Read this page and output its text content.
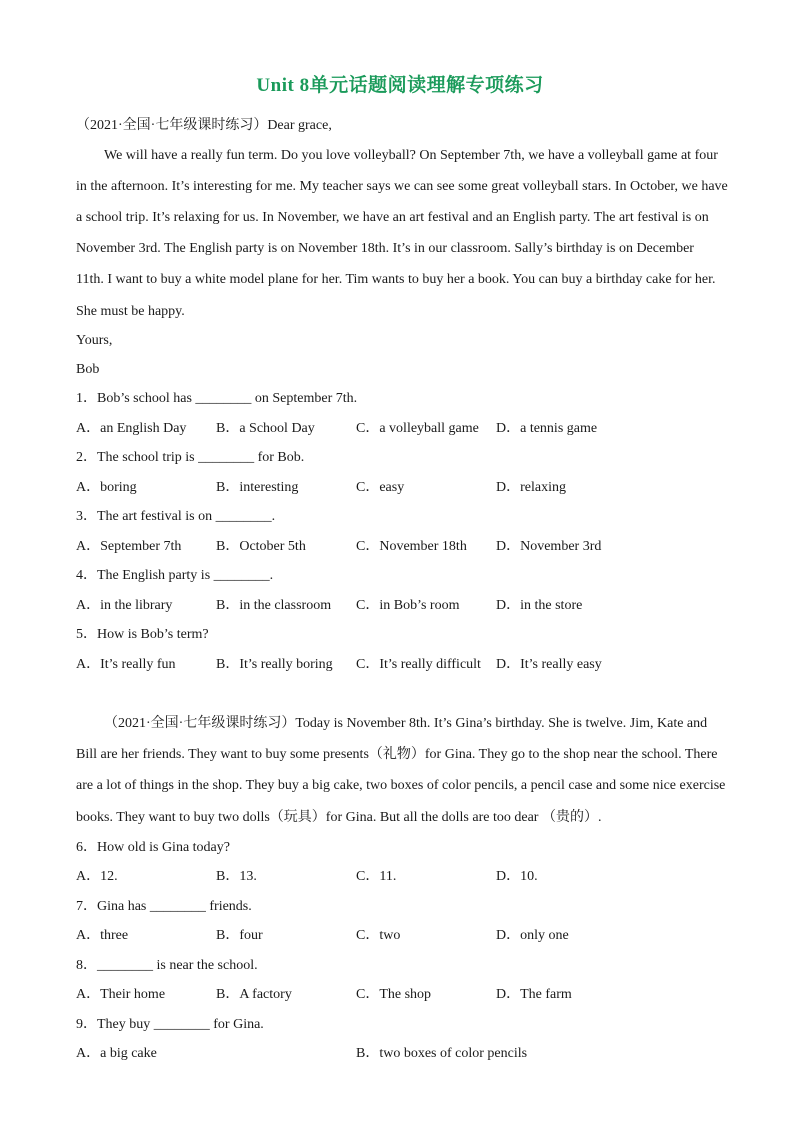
Unit 8单元话题阅读理解专项练习
（2021·全国·七年级课时练习）Dear grace,
We will have a really fun term. Do you love volleyball? On September 7th, we have a volleyball game at four
in the afternoon. It’s interesting for me. My teacher says we can see some great volleyball stars. In October, we have
a school trip. It’s relaxing for us. In November, we have an art festival and an English party. The art festival is on
November 3rd. The English party is on November 18th. It’s in our classroom. Sally’s birthday is on December
11th. I want to buy a white model plane for her. Tim wants to buy her a book. You can buy a birthday cake for her.
She must be happy.
Yours,
Bob
1．Bob’s school has ________ on September 7th.
A．an English Day B．a School Day	C．a volleyball game D．a tennis game
2．The school trip is ________ for Bob.
A．boring	B．interesting	C．easy	D．relaxing
3．The art festival is on ________.
A．September 7th B．October 5th	C．November 18th D．November 3rd
4．The English party is ________.
A．in the library	B．in the classroom C．in Bob’s room	D．in the store
5．How is Bob’s term?
A．It’s really fun	B．It’s really boring C．It’s really difficult D．It’s really easy
（2021·全国·七年级课时练习）Today is November 8th. It’s Gina’s birthday. She is twelve. Jim, Kate and
Bill are her friends. They want to buy some presents（礼物）for Gina. They go to the shop near the school. There
are a lot of things in the shop. They buy a big cake, two boxes of color pencils, a pencil case and some nice exercise
books. They want to buy two dolls（玩具）for Gina. But all the dolls are too dear （贵的）.
6．How old is Gina today?
A．12.	B．13.	C．11.	D．10.
7．Gina has ________ friends.
A．three	B．four	C．two	D．only one
8．________ is near the school.
A．Their home	B．A factory	C．The shop	D．The farm
9．They buy ________ for Gina.
A．a big cake	B．two boxes of color pencils
